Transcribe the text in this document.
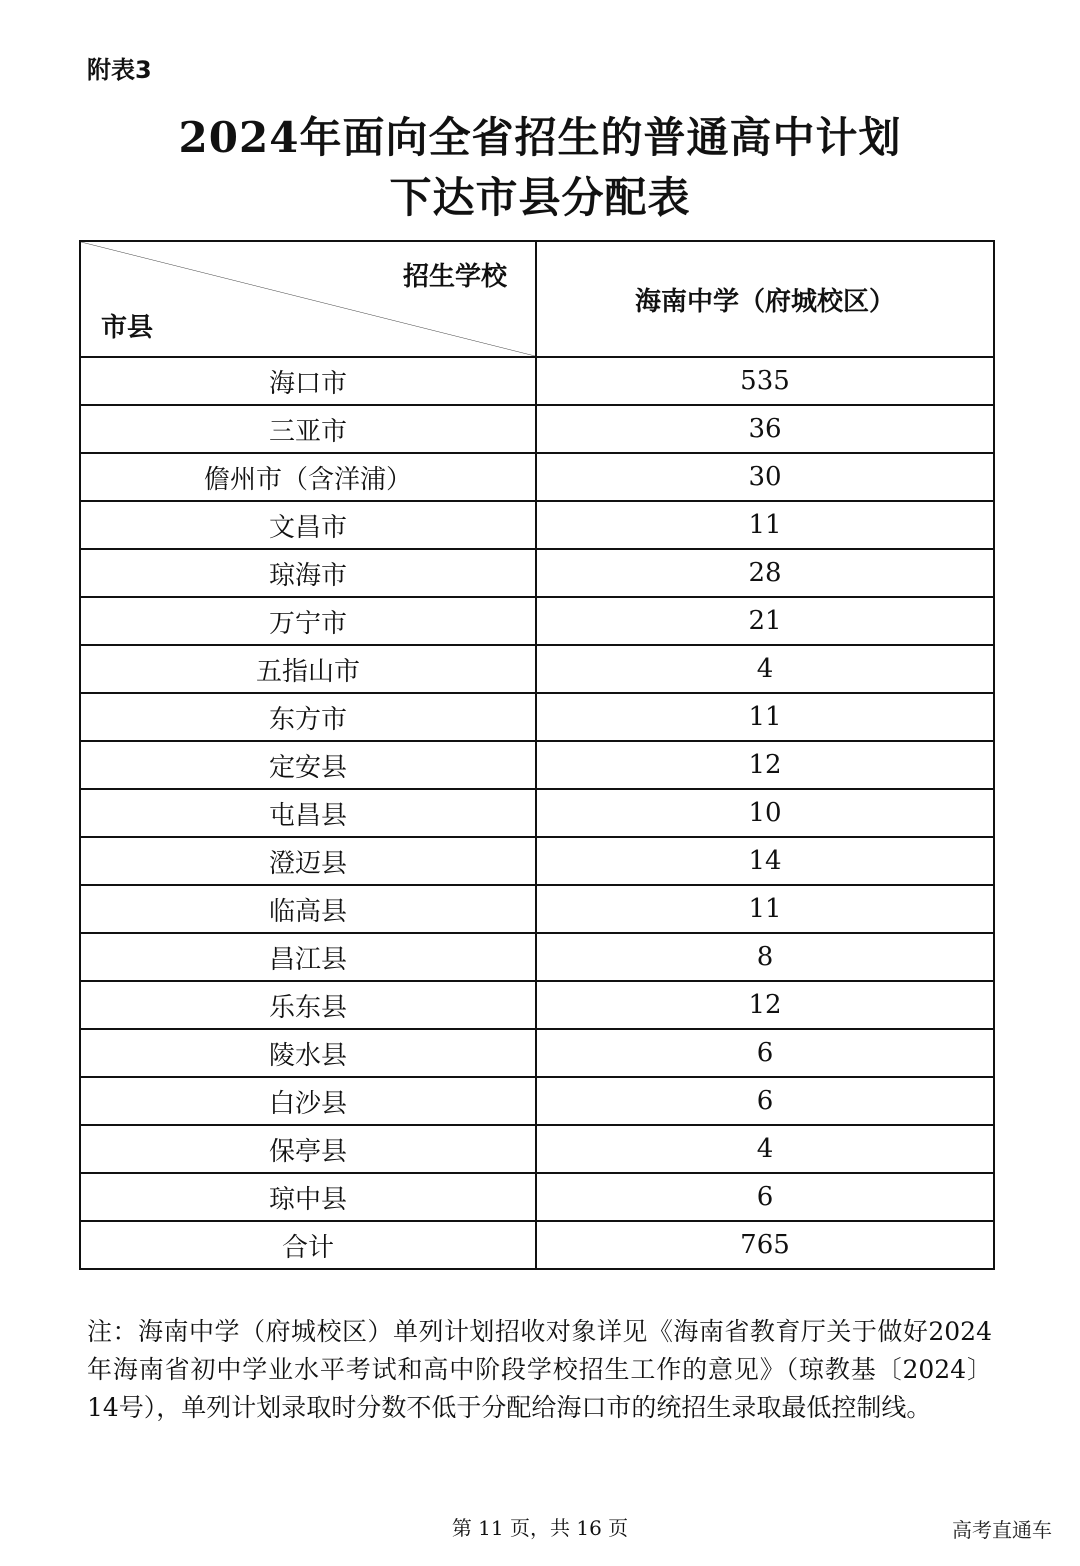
附表3
2024年面向全省招生的普通高中计划
下达市县分配表
招生学校
市县	海南中学（府城校区）
海口市	535
三亚市	36
儋州市（含洋浦）	30
文昌市	11
琼海市	28
万宁市	21
五指山市	4
东方市	11
定安县	12
屯昌县	10
澄迈县	14
临高县	11
昌江县	8
乐东县	12
陵水县	6
白沙县	6
保亭县	4
琼中县	6
合计	765
注：海南中学（府城校区）单列计划招收对象详见《海南省教育厅关于做好2024年海南省初中学业水平考试和高中阶段学校招生工作的意见》（琼教基〔2024〕14号），单列计划录取时分数不低于分配给海口市的统招生录取最低控制线。
第 11 页，共 16 页	高考直通车
